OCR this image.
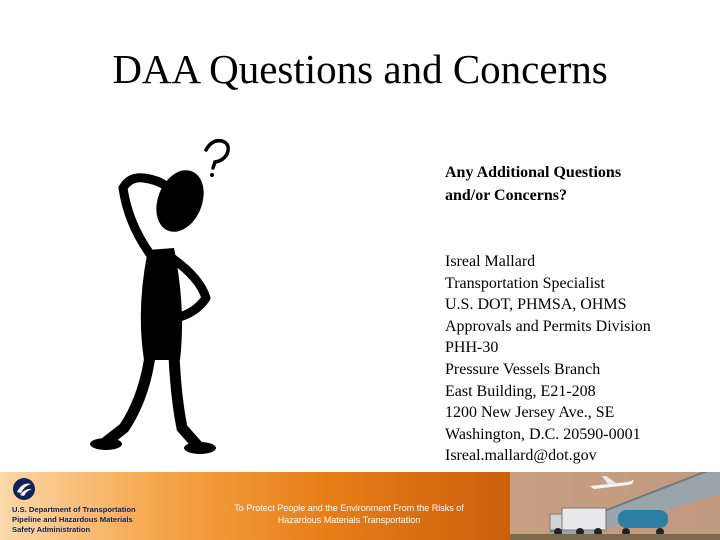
DAA Questions and Concerns
Any Additional Questions
and/or Concerns?
Isreal Mallard
Transportation Specialist
U.S. DOT, PHMSA, OHMS
Approvals and Permits Division
PHH-30
Pressure Vessels Branch
East Building, E21-208
1200 New Jersey Ave., SE
Washington, D.C. 20590-0001
Isreal.mallard@dot.gov
U.S. Department of Transportation
Pipeline and Hazardous Materials
Safety Administration
To Protect People and the Environment From the Risks of
Hazardous Materials Transportation
